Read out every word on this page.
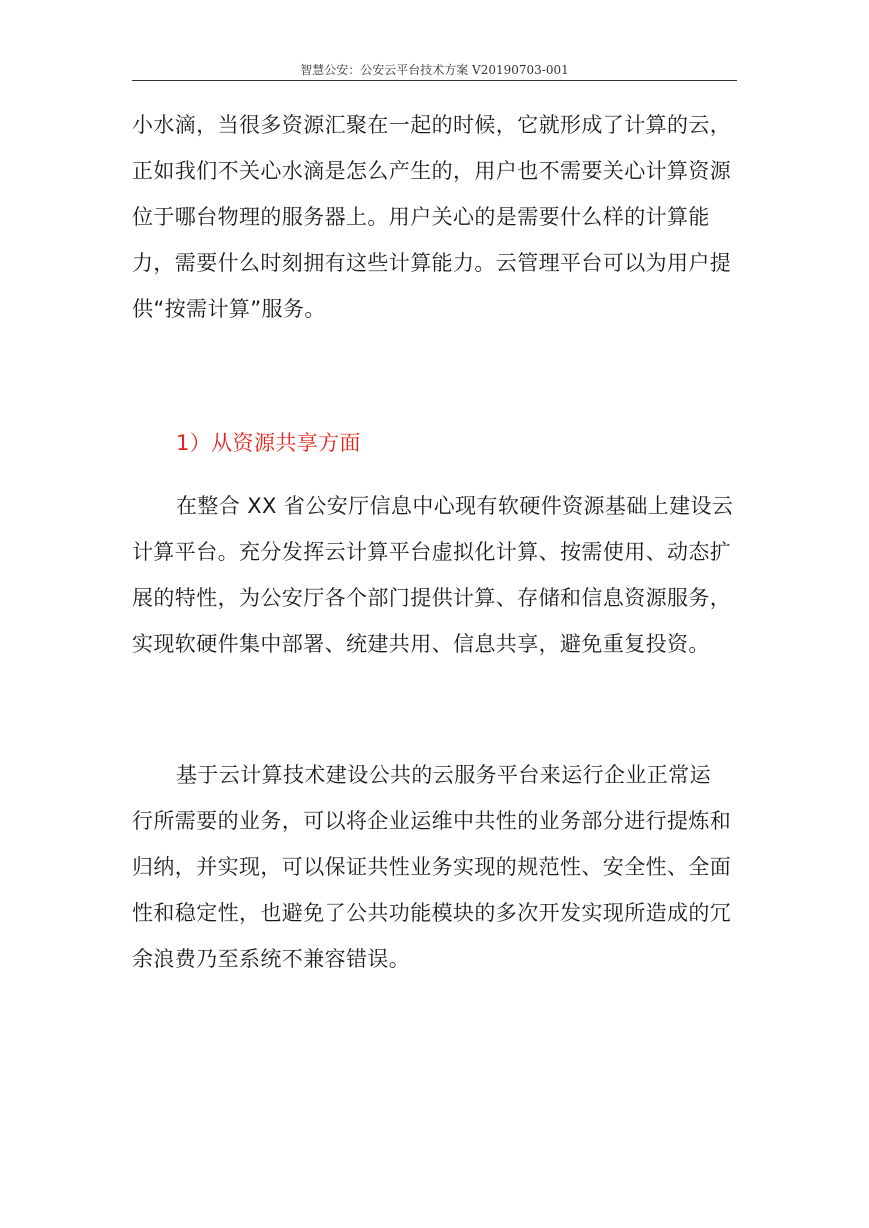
智慧公安：公安云平台技术方案 V20190703-001

小水滴，当很多资源汇聚在一起的时候，它就形成了计算的云，
正如我们不关心水滴是怎么产生的，用户也不需要关心计算资源
位于哪台物理的服务器上。用户关心的是需要什么样的计算能
力，需要什么时刻拥有这些计算能力。云管理平台可以为用户提
供“按需计算”服务。

1）从资源共享方面

在整合 XX 省公安厅信息中心现有软硬件资源基础上建设云
计算平台。充分发挥云计算平台虚拟化计算、按需使用、动态扩
展的特性，为公安厅各个部门提供计算、存储和信息资源服务，
实现软硬件集中部署、统建共用、信息共享，避免重复投资。

基于云计算技术建设公共的云服务平台来运行企业正常运
行所需要的业务，可以将企业运维中共性的业务部分进行提炼和
归纳，并实现，可以保证共性业务实现的规范性、安全性、全面
性和稳定性，也避免了公共功能模块的多次开发实现所造成的冗
余浪费乃至系统不兼容错误。
